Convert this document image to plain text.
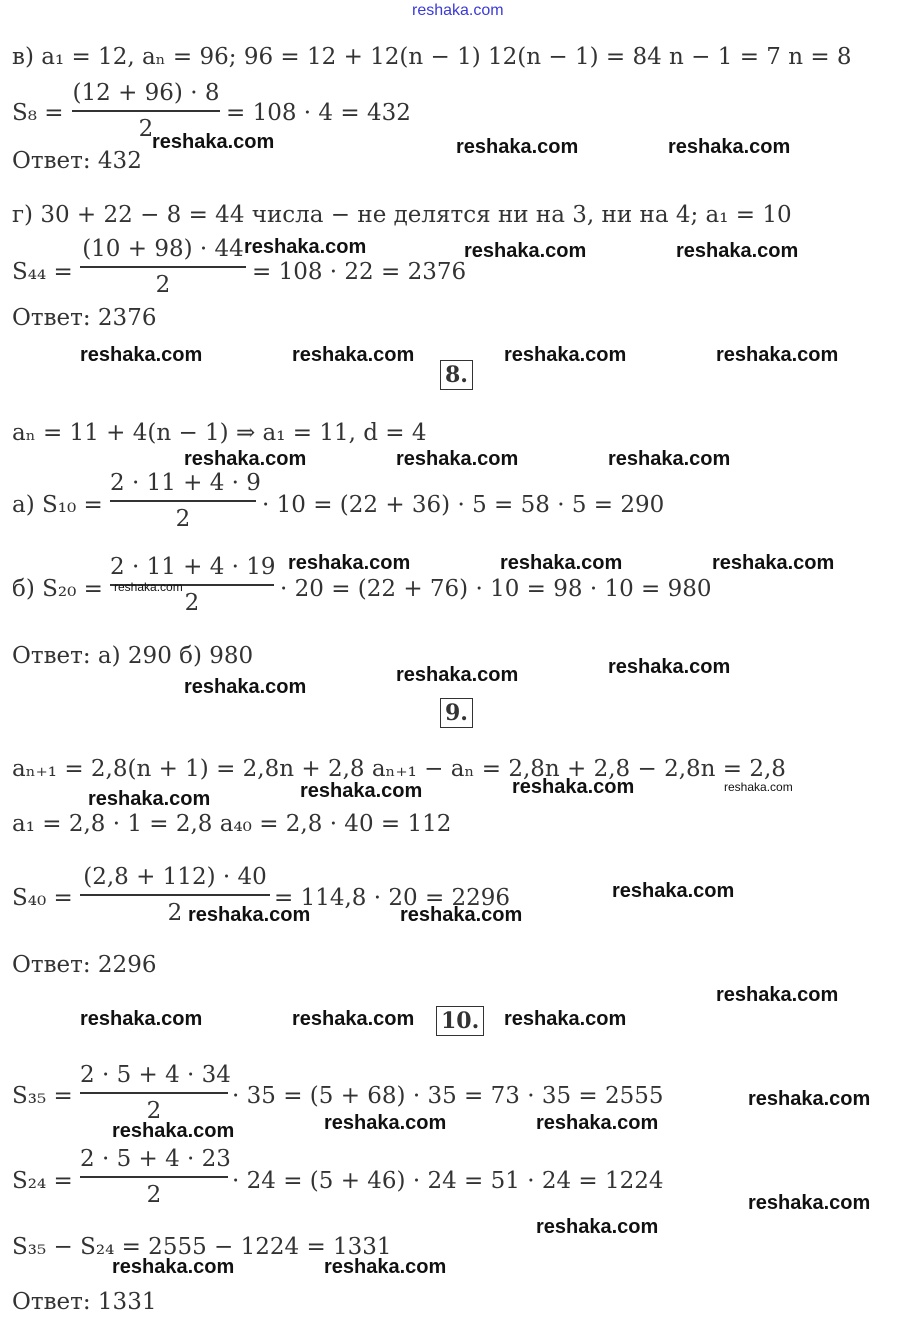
reshaka.com
в) a₁ = 12, aₙ = 96; 96 = 12 + 12(n − 1) 12(n − 1) = 84 n − 1 = 7 n = 8
S₈ =
(12 + 96) · 8
2
= 108 · 4 = 432
Ответ: 432
г) 30 + 22 − 8 = 44 числа − не делятся ни на 3, ни на 4; a₁ = 10
S₄₄ =
(10 + 98) · 44
2	= 108 · 22 = 2376
Ответ: 2376
8.
aₙ = 11 + 4(n − 1) ⇒ a₁ = 11, d = 4
а) S₁₀ =
2 · 11 + 4 · 9
2
· 10 = (22 + 36) · 5 = 58 · 5 = 290
б) S₂₀ =
2 · 11 + 4 · 19
2
· 20 = (22 + 76) · 10 = 98 · 10 = 980
Ответ: а) 290 б) 980
9.
aₙ₊₁ = 2,8(n + 1) = 2,8n + 2,8 aₙ₊₁ − aₙ = 2,8n + 2,8 − 2,8n = 2,8
a₁ = 2,8 · 1 = 2,8 a₄₀ = 2,8 · 40 = 112
S₄₀ =
(2,8 + 112) · 40
2
= 114,8 · 20 = 2296
Ответ: 2296
10.
S₃₅ =
2 · 5 + 4 · 34
2
· 35 = (5 + 68) · 35 = 73 · 35 = 2555
S₂₄ =
2 · 5 + 4 · 23
2
· 24 = (5 + 46) · 24 = 51 · 24 = 1224
S₃₅ − S₂₄ = 2555 − 1224 = 1331
Ответ: 1331
reshaka.com	reshaka.com	reshaka.com
reshaka.com	reshaka.com	reshaka.com
reshaka.com	reshaka.com	reshaka.com	reshaka.com
reshaka.com	reshaka.com	reshaka.com
reshaka.com	reshaka.com	reshaka.com
reshaka.com
reshaka.com	reshaka.com
reshaka.com
reshaka.com	reshaka.com	reshaka.com	reshaka.com
reshaka.com
reshaka.com	reshaka.com
reshaka.com
reshaka.com	reshaka.com	reshaka.com
reshaka.com
reshaka.com	reshaka.com	reshaka.com
reshaka.com
reshaka.com
reshaka.com	reshaka.com
